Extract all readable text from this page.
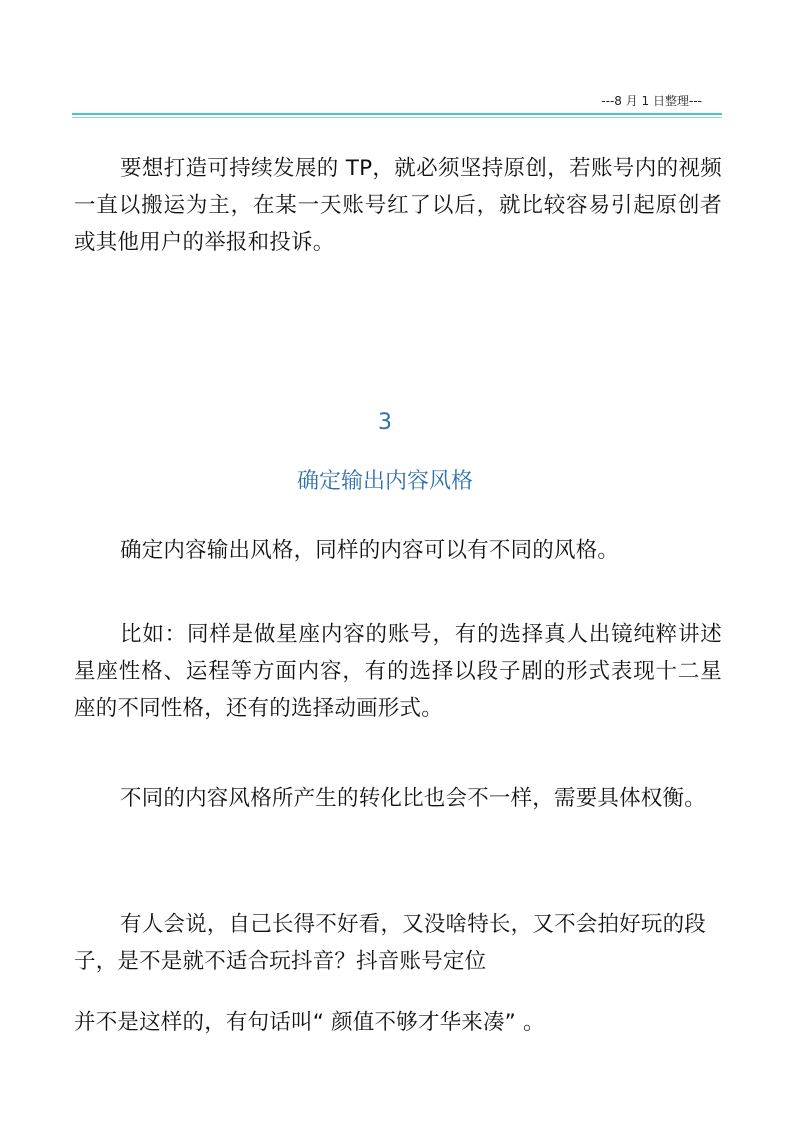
---8 月 1 日整理---

要想打造可持续发展的 TP，就必须坚持原创，若账号内的视频一直以搬运为主，在某一天账号红了以后，就比较容易引起原创者或其他用户的举报和投诉。

3
确定输出内容风格

确定内容输出风格，同样的内容可以有不同的风格。

比如：同样是做星座内容的账号，有的选择真人出镜纯粹讲述星座性格、运程等方面内容，有的选择以段子剧的形式表现十二星座的不同性格，还有的选择动画形式。

不同的内容风格所产生的转化比也会不一样，需要具体权衡。

有人会说，自己长得不好看，又没啥特长，又不会拍好玩的段子，是不是就不适合玩抖音？抖音账号定位

并不是这样的，有句话叫“ 颜值不够才华来凑” 。
